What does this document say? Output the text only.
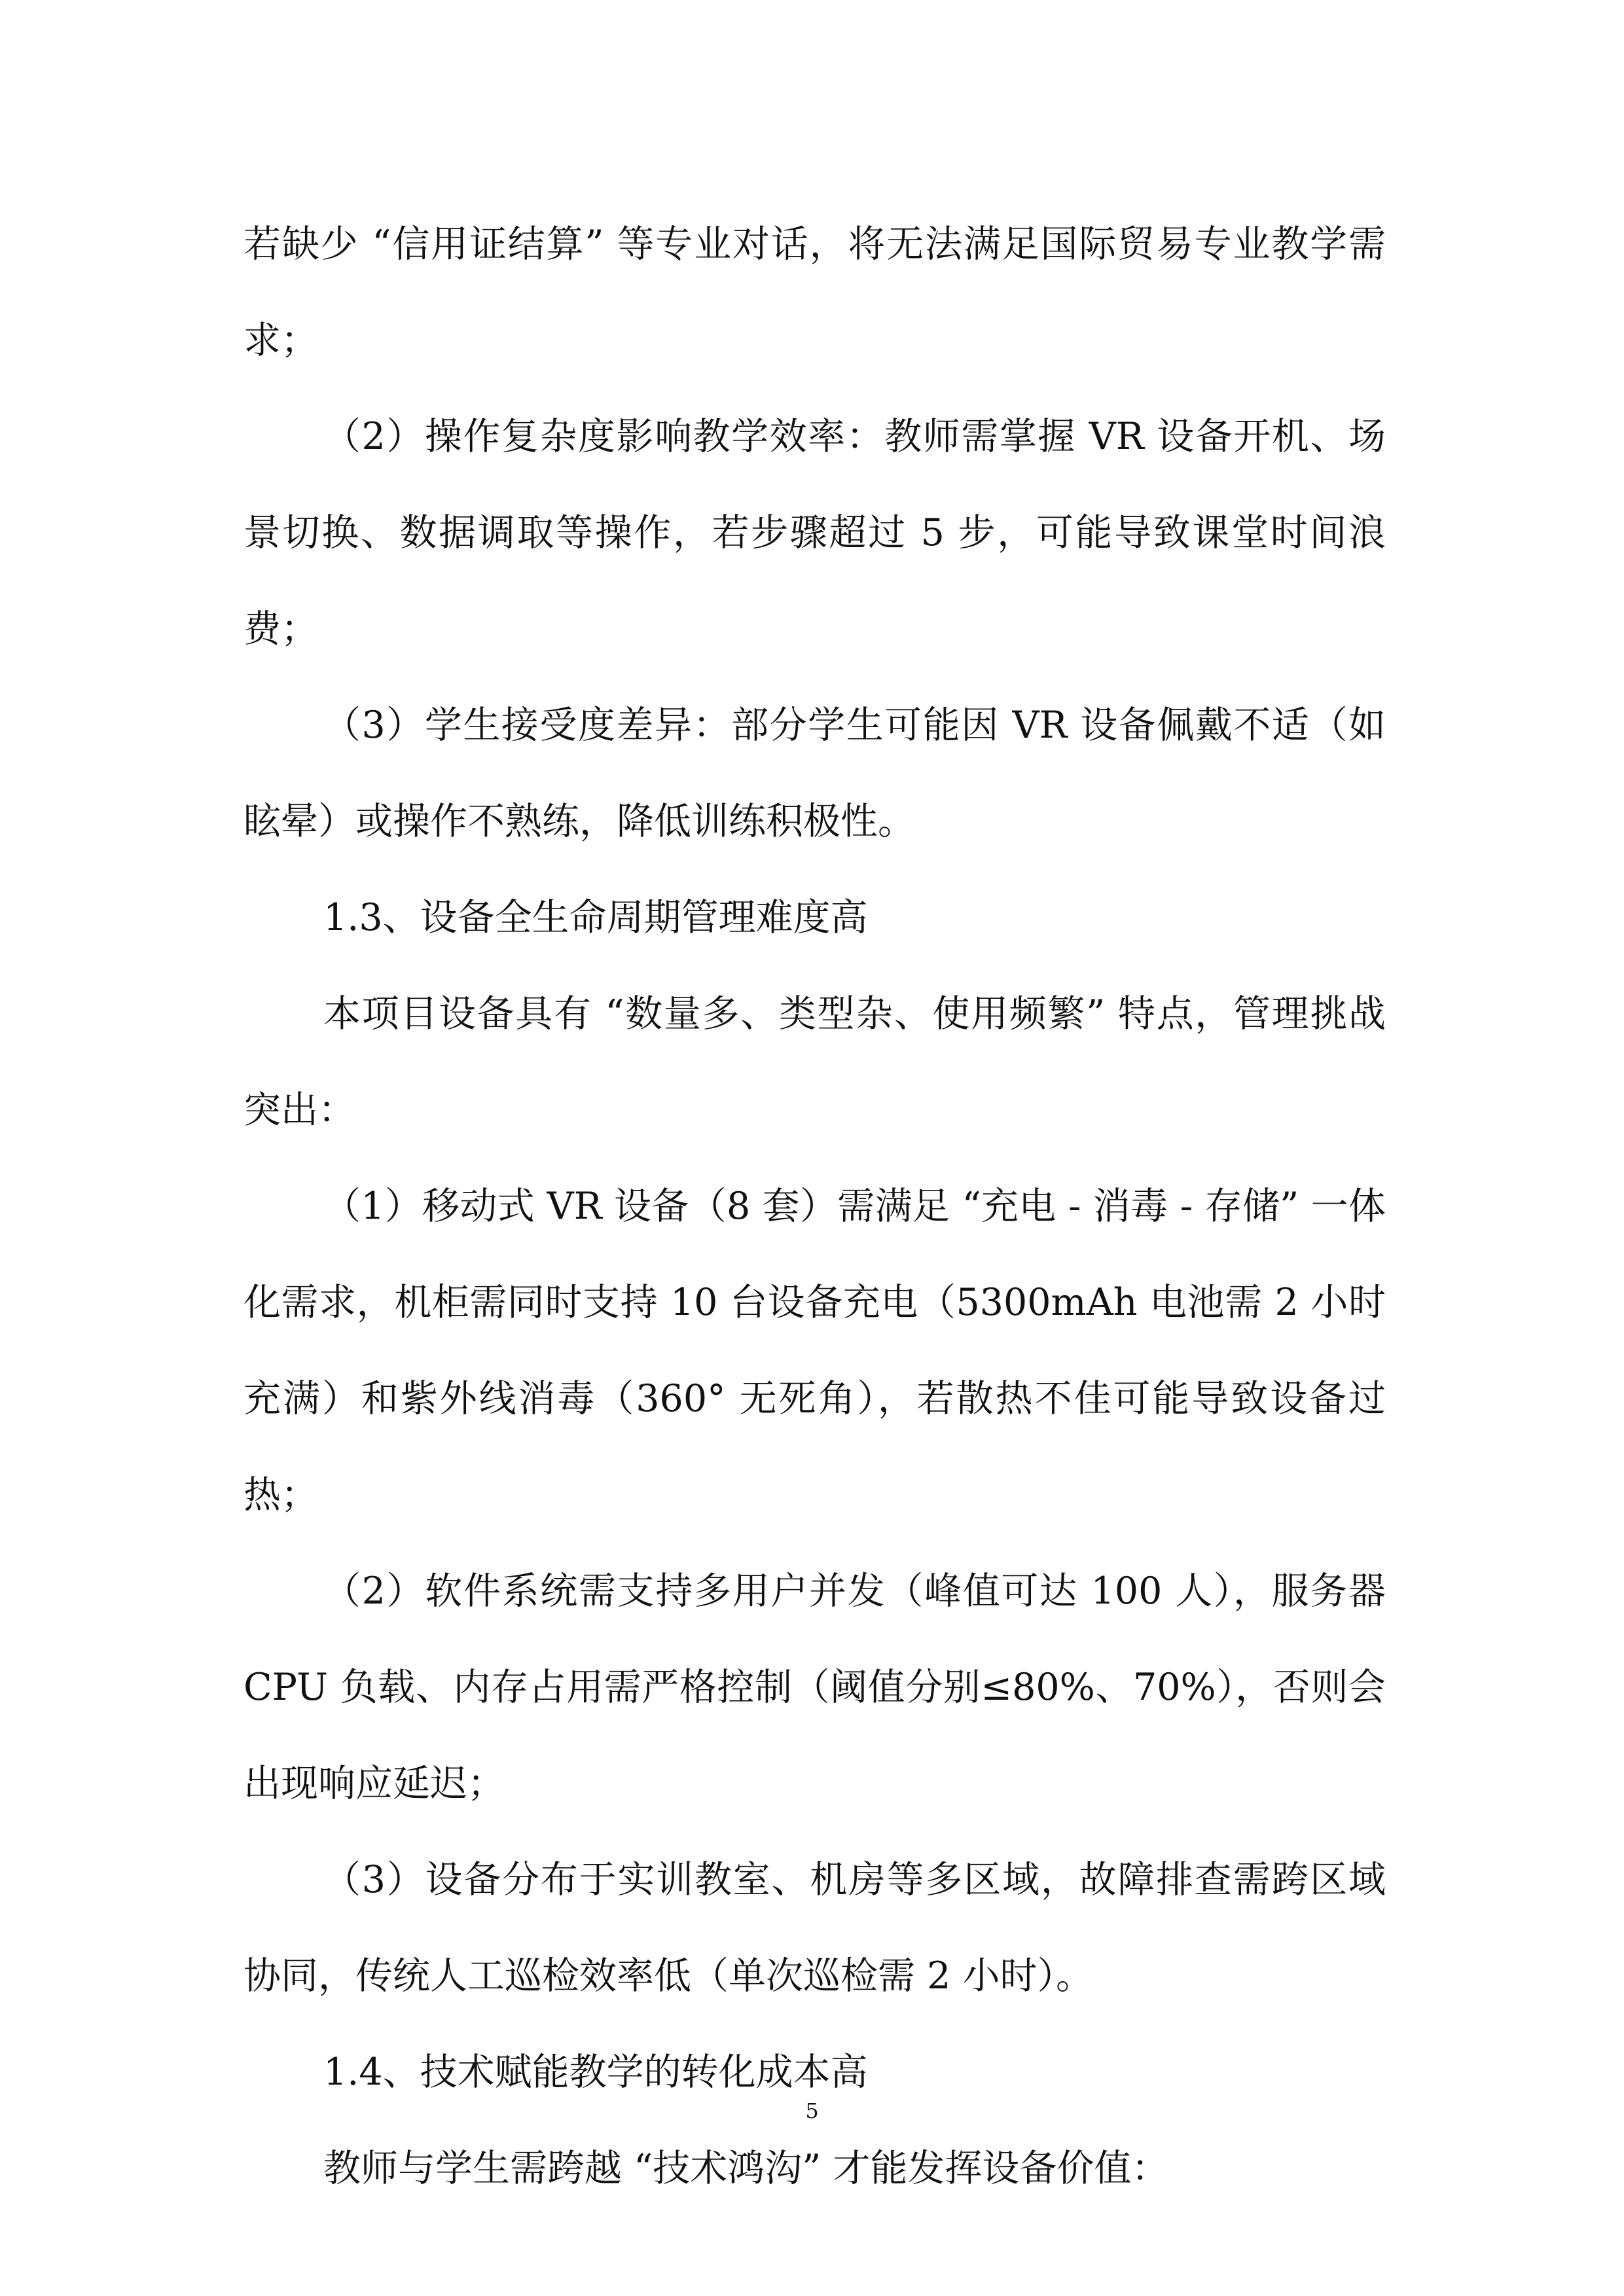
若缺少 “信用证结算” 等专业对话，将无法满足国际贸易专业教学需求；

（2）操作复杂度影响教学效率：教师需掌握 VR 设备开机、场景切换、数据调取等操作，若步骤超过 5 步，可能导致课堂时间浪费；

（3）学生接受度差异：部分学生可能因 VR 设备佩戴不适（如眩晕）或操作不熟练，降低训练积极性。

1.3、设备全生命周期管理难度高

本项目设备具有 “数量多、类型杂、使用频繁” 特点，管理挑战突出：

（1）移动式 VR 设备（8 套）需满足 “充电 - 消毒 - 存储” 一体化需求，机柜需同时支持 10 台设备充电（5300mAh 电池需 2 小时充满）和紫外线消毒（360° 无死角），若散热不佳可能导致设备过热；

（2）软件系统需支持多用户并发（峰值可达 100 人），服务器 CPU 负载、内存占用需严格控制（阈值分别≤80%、70%），否则会出现响应延迟；

（3）设备分布于实训教室、机房等多区域，故障排查需跨区域协同，传统人工巡检效率低（单次巡检需 2 小时）。

1.4、技术赋能教学的转化成本高

教师与学生需跨越 “技术鸿沟” 才能发挥设备价值：

5
